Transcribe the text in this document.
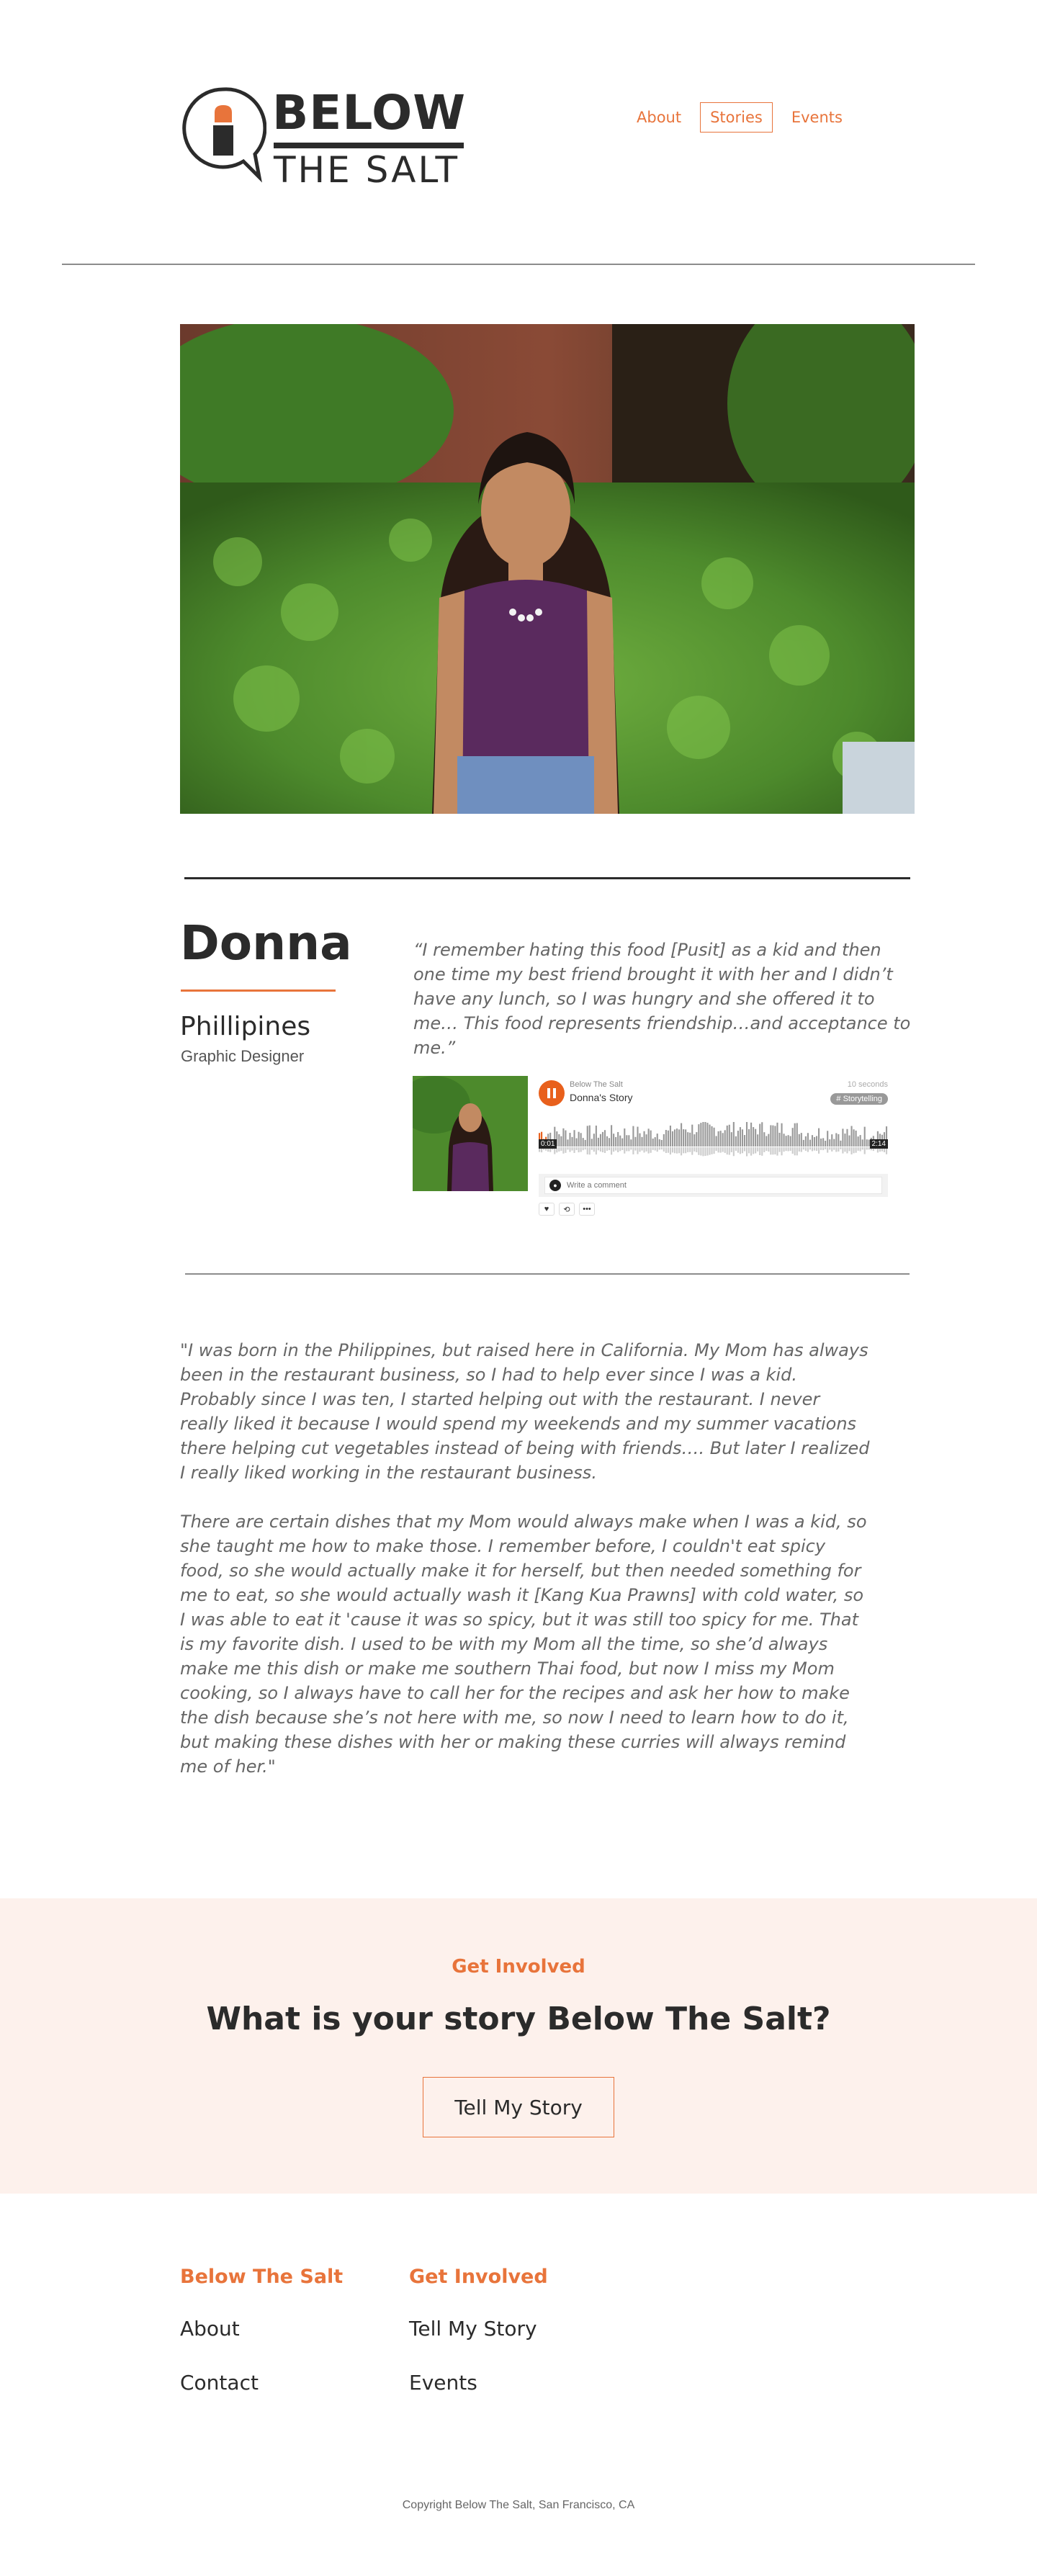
BELOW
THE SALT
About	Stories	Events
Donna
Phillipines
Graphic Designer
“I remember hating this food [Pusit] as a kid and then one time my best friend brought it with her and I didn’t have any lunch, so I was hungry and she offered it to me… This food represents friendship…and acceptance to me.”
Below The Salt
Donna's Story
10 seconds
# Storytelling
0:01	2:14
●
Write a comment
♥	⟲	•••

"I was born in the Philippines, but raised here in California. My Mom has always been in the restaurant business, so I had to help ever since I was a kid. Probably since I was ten, I started helping out with the restaurant. I never really liked it because I would spend my weekends and my summer vacations there helping cut vegetables instead of being with friends…. But later I realized I really liked working in the restaurant business.

There are certain dishes that my Mom would always make when I was a kid, so she taught me how to make those. I remember before, I couldn't eat spicy food, so she would actually make it for herself, but then needed something for me to eat, so she would actually wash it [Kang Kua Prawns] with cold water, so I was able to eat it 'cause it was so spicy, but it was still too spicy for me. That is my favorite dish. I used to be with my Mom all the time, so she’d always make me this dish or make me southern Thai food, but now I miss my Mom cooking, so I always have to call her for the recipes and ask her how to make the dish because she’s not here with me, so now I need to learn how to do it, but making these dishes with her or making these curries will always remind me of her."

Get Involved
What is your story Below The Salt?
Tell My Story
Below The Salt
About
Contact
Get Involved
Tell My Story
Events
Copyright Below The Salt, San Francisco, CA
